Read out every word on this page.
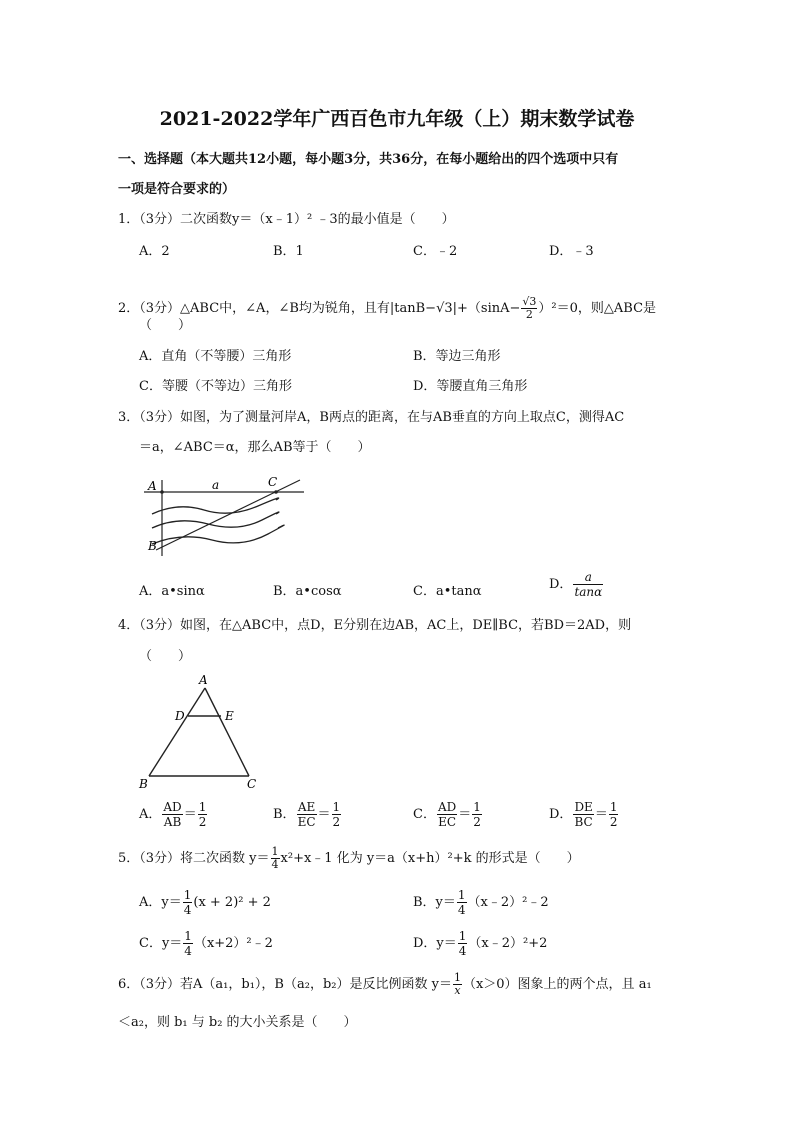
2021-2022学年广西百色市九年级（上）期末数学试卷
一、选择题（本大题共12小题，每小题3分，共36分，在每小题给出的四个选项中只有
一项是符合要求的）
1．（3分）二次函数y＝（x﹣1）² ﹣3的最小值是（　　）
A．2	B．1	C．﹣2	D．﹣3
2．（3分）△ABC中，∠A，∠B均为锐角，且有$|\tan B-√3|+(\sin A- \frac{√3}{2} )^2=0$，则△ABC是
（　　）
A．直角（不等腰）三角形	B．等边三角形
C．等腰（不等边）三角形	D．等腰直角三角形
3．（3分）如图，为了测量河岸A，B两点的距离，在与AB垂直的方向上取点C，测得AC
＝a，∠ABC＝α，那么AB等于（　　）
A	a	C
B
A．a•sinα	B．a•cosα	C．a•tanα	D． $\frac{a}{\tan\alpha}$
4．（3分）如图，在△ABC中，点D，E分别在边AB，AC上，DE∥BC，若BD＝2AD，则
（　　）
A
D	E
B	C
A． $\frac{AD}{AB} = \frac{1}{2}$	B． $\frac{AE}{EC} = \frac{1}{2}$	C． $\frac{AD}{EC} = \frac{1}{2}$	D． $\frac{DE}{BC} = \frac{1}{2}$
5．（3分）将二次函数 $y= \frac{1}{4}$ x²+x﹣1 化为 y＝a（x+h）²+k 的形式是（　　）
A．$y= \frac{1}{4} (x + 2)^2 + 2$	B．$y= \frac{1}{4}$ （x﹣2）²﹣2
C．$y= \frac{1}{4}$ （x+2）²﹣2	D．$y= \frac{1}{4}$ （x﹣2）²+2
6．（3分）若A（a₁，b₁），B（a₂，b₂）是反比例函数 $y= \frac{1}{x} (x>0)$图象上的两个点，且 a₁
＜a₂，则 b₁ 与 b₂ 的大小关系是（　　）
